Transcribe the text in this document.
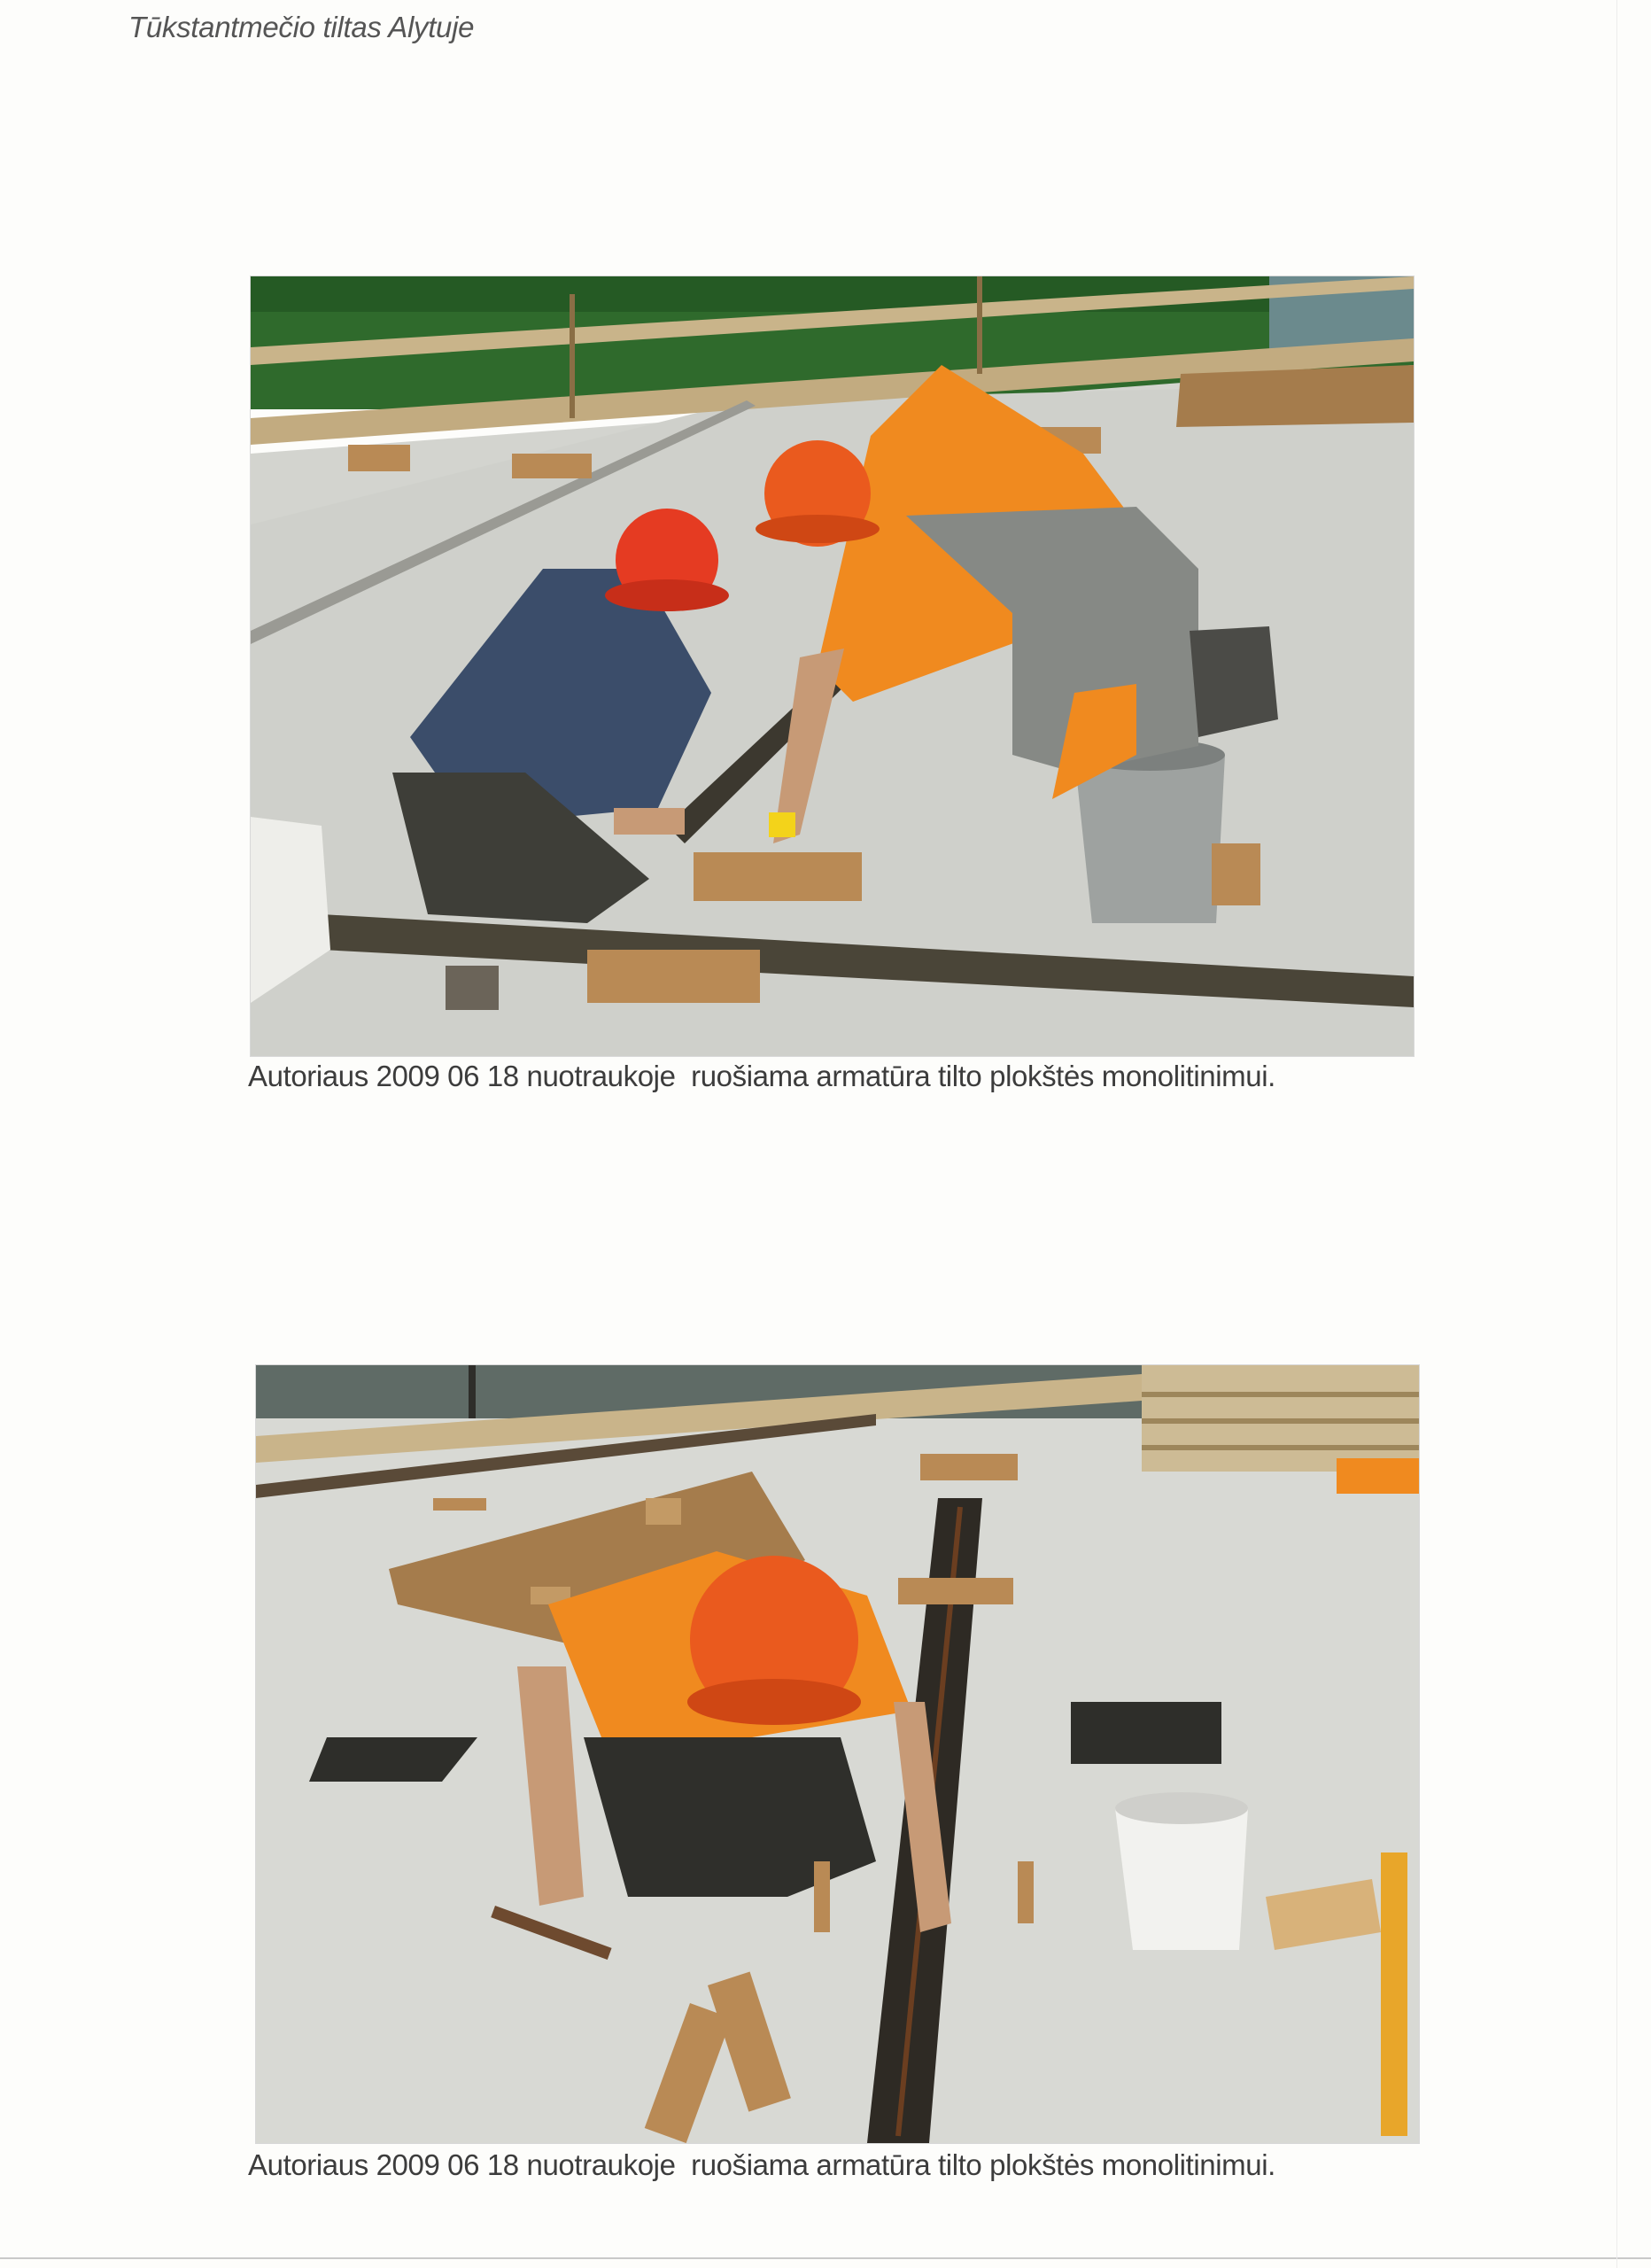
Tūkstantmečio tiltas Alytuje
Autoriaus 2009 06 18 nuotraukoje  ruošiama armatūra tilto plokštės monolitinimui.
Autoriaus 2009 06 18 nuotraukoje  ruošiama armatūra tilto plokštės monolitinimui.
